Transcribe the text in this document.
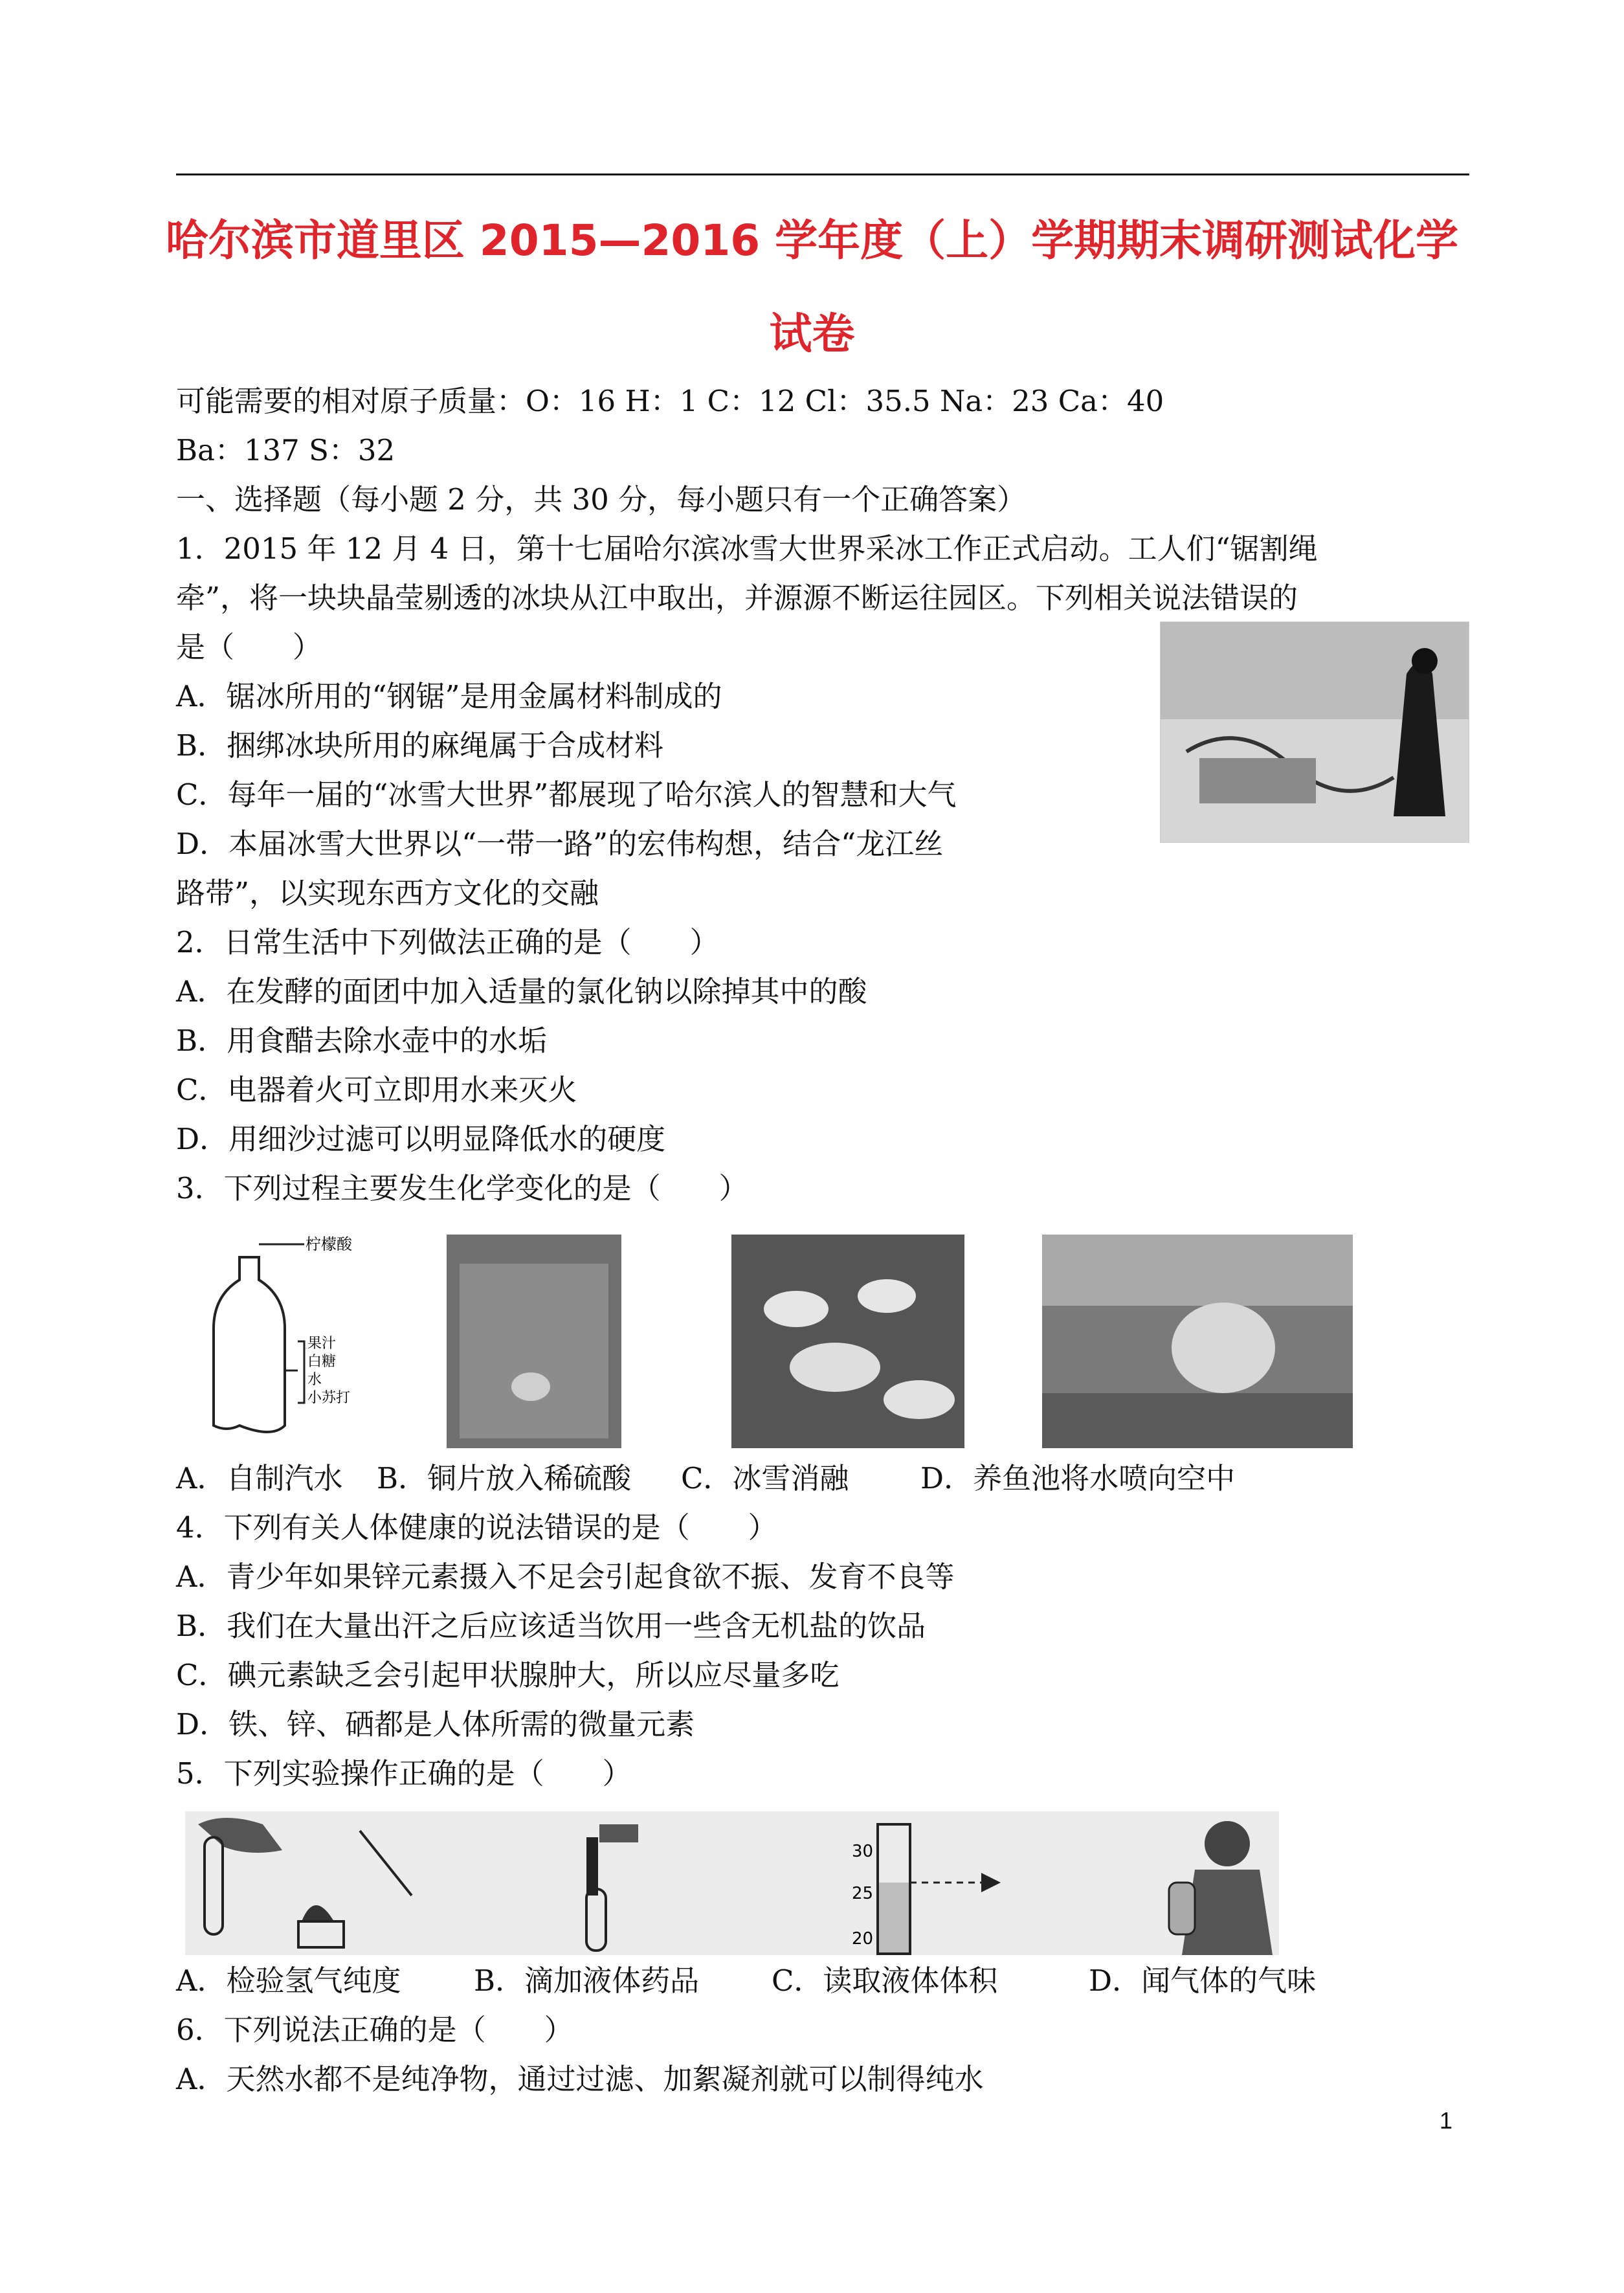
哈尔滨市道里区 2015—2016 学年度（上）学期期末调研测试化学
试卷
可能需要的相对原子质量：O：16 H：1 C：12 Cl：35.5 Na：23 Ca：40
Ba：137 S：32
一、选择题（每小题 2 分，共 30 分，每小题只有一个正确答案）
1．2015 年 12 月 4 日，第十七届哈尔滨冰雪大世界采冰工作正式启动。工人们“锯割绳
牵”，将一块块晶莹剔透的冰块从江中取出，并源源不断运往园区。下列相关说法错误的
是（　　）
A．锯冰所用的“钢锯”是用金属材料制成的
B．捆绑冰块所用的麻绳属于合成材料
C．每年一届的“冰雪大世界”都展现了哈尔滨人的智慧和大气
D．本届冰雪大世界以“一带一路”的宏伟构想，结合“龙江丝
路带”，以实现东西方文化的交融
2．日常生活中下列做法正确的是（　　）
A．在发酵的面团中加入适量的氯化钠以除掉其中的酸
B．用食醋去除水壶中的水垢
C．电器着火可立即用水来灭火
D．用细沙过滤可以明显降低水的硬度
3．下列过程主要发生化学变化的是（　　）
柠檬酸
果汁
白糖
水
小苏打
A．自制汽水 B．铜片放入稀硫酸 C．冰雪消融 D．养鱼池将水喷向空中
4．下列有关人体健康的说法错误的是（　　）
A．青少年如果锌元素摄入不足会引起食欲不振、发育不良等
B．我们在大量出汗之后应该适当饮用一些含无机盐的饮品
C．碘元素缺乏会引起甲状腺肿大，所以应尽量多吃
D．铁、锌、硒都是人体所需的微量元素
5．下列实验操作正确的是（　　）
30
25
20
A．检验氢气纯度	B．滴加液体药品 C．读取液体体积	D．闻气体的气味
6．下列说法正确的是（　　）
A．天然水都不是纯净物，通过过滤、加絮凝剂就可以制得纯水
1
